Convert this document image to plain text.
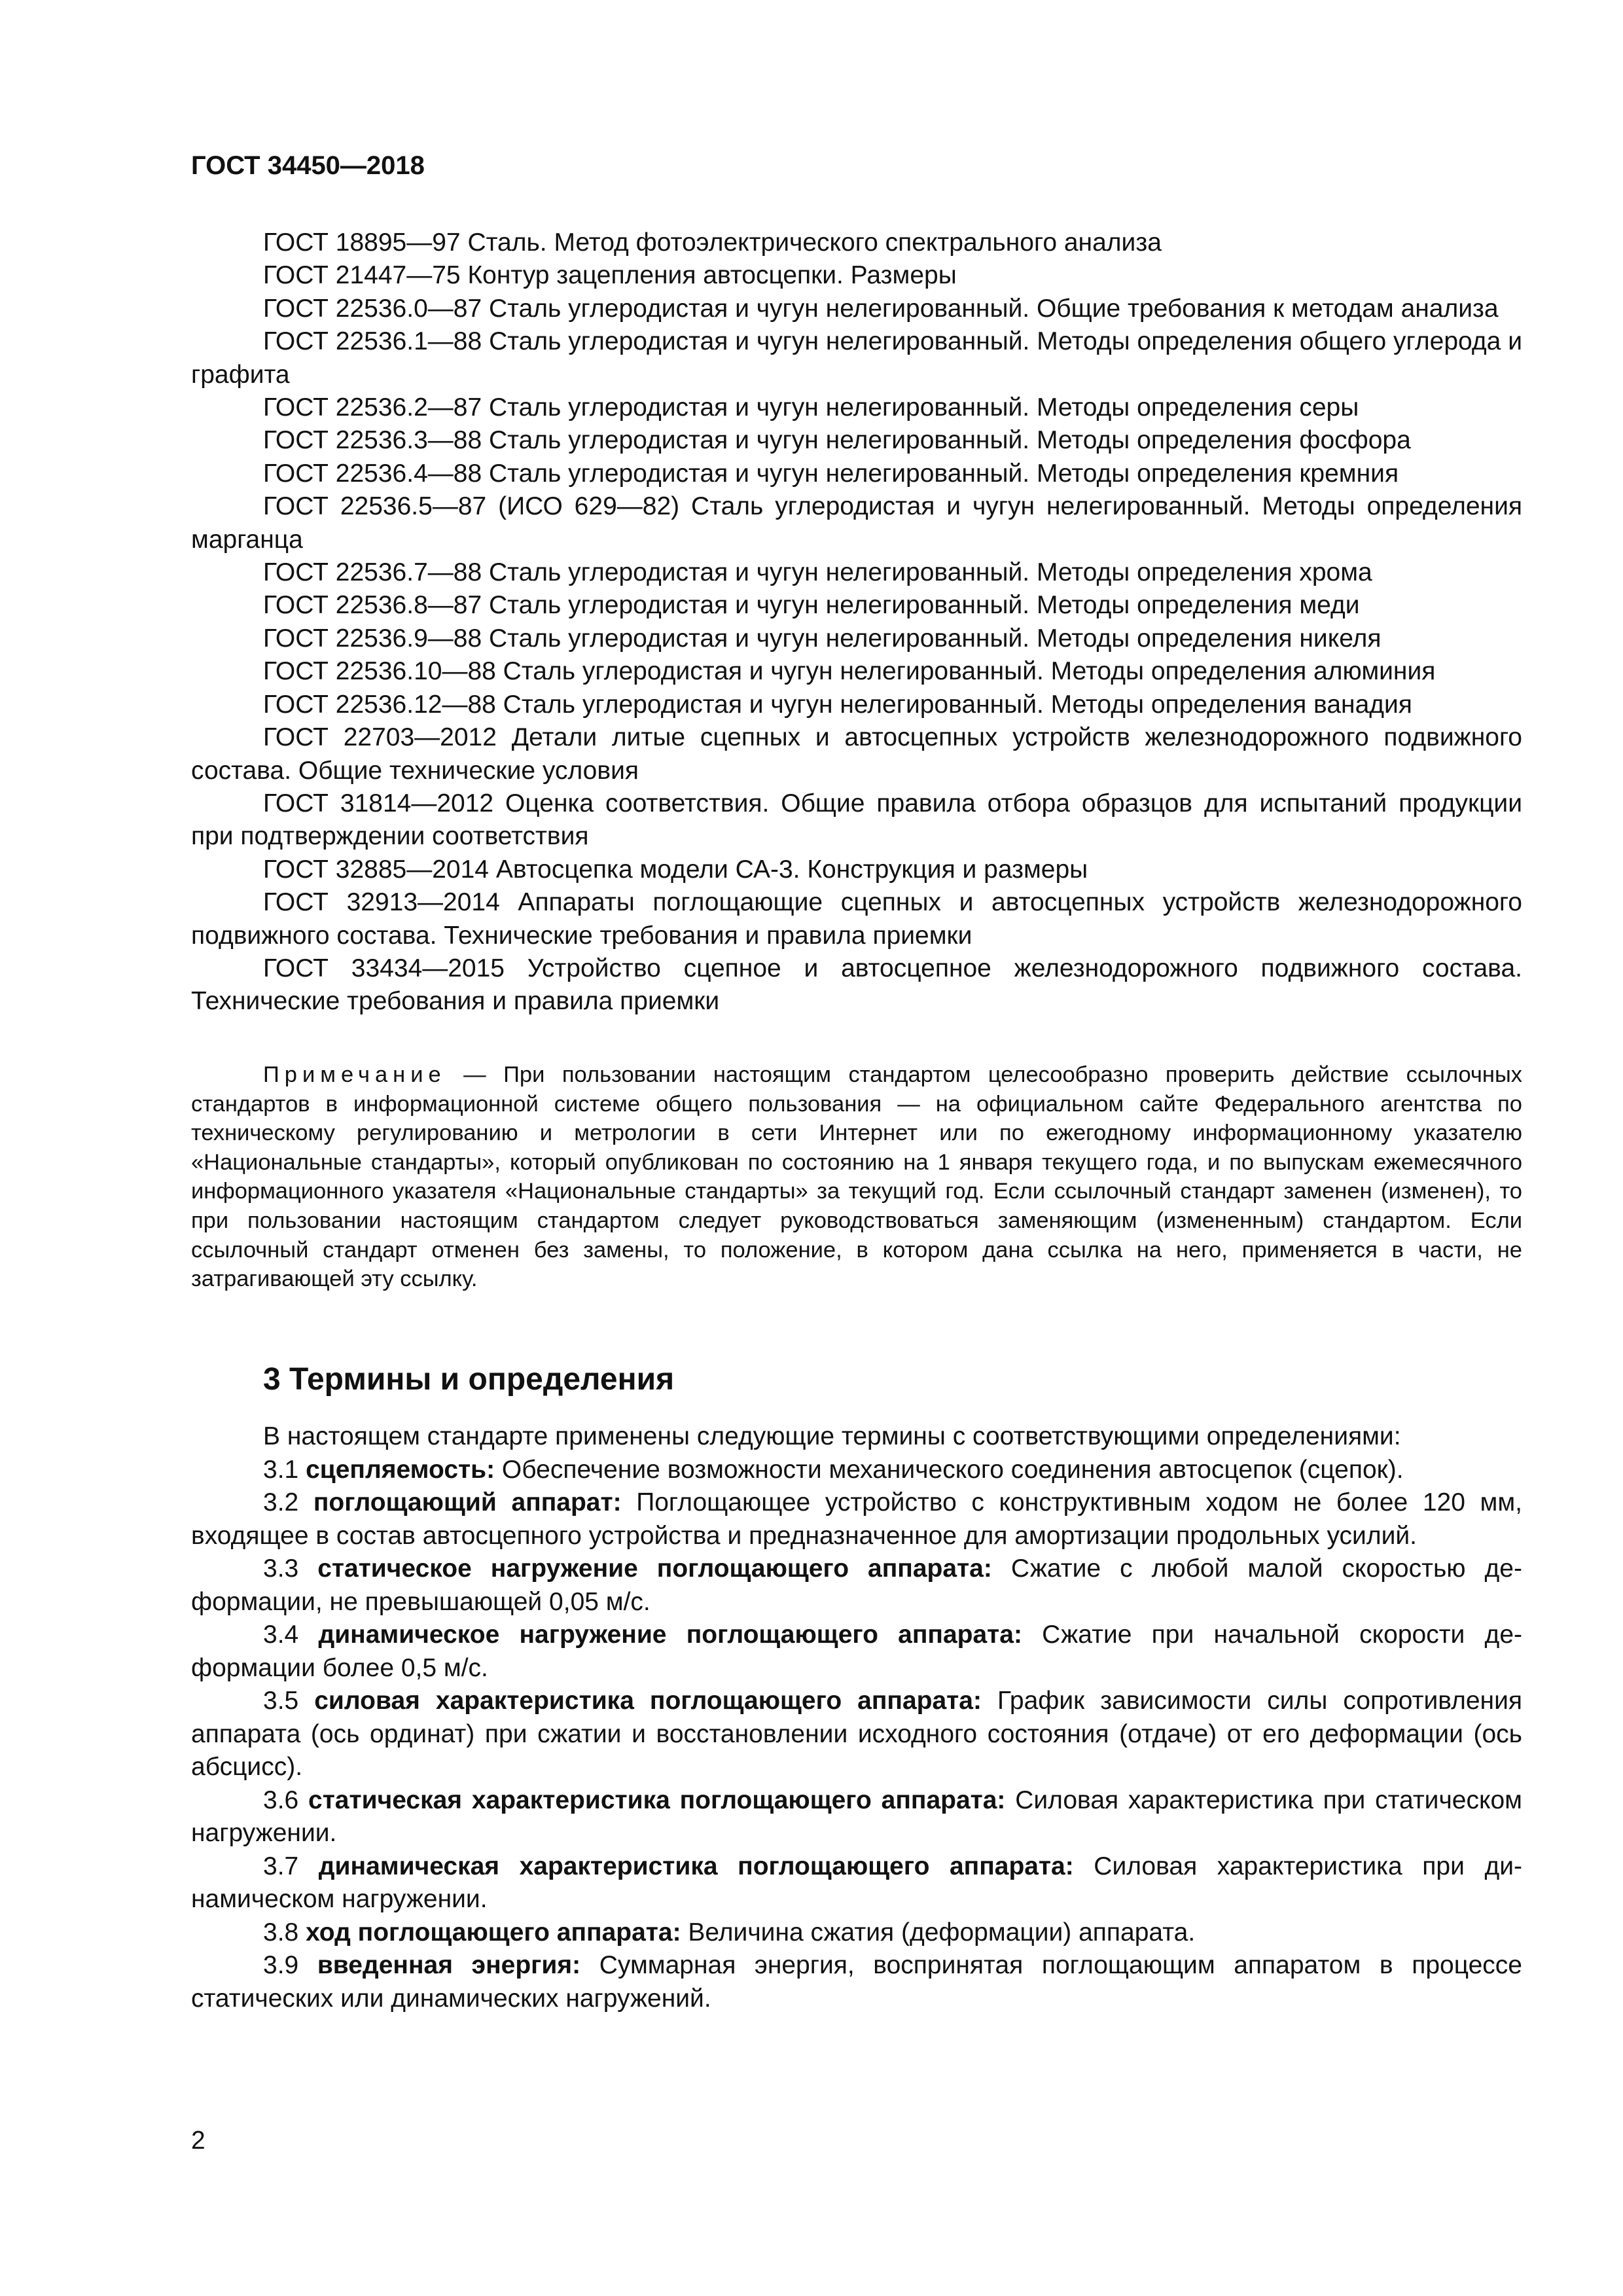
ГОСТ 34450—2018

ГОСТ 18895—97 Сталь. Метод фотоэлектрического спектрального анализа

ГОСТ 21447—75 Контур зацепления автосцепки. Размеры

ГОСТ 22536.0—87 Сталь углеродистая и чугун нелегированный. Общие требования к методам анализа

ГОСТ 22536.1—88 Сталь углеродистая и чугун нелегированный. Методы определения общего углерода и графита

ГОСТ 22536.2—87 Сталь углеродистая и чугун нелегированный. Методы определения серы

ГОСТ 22536.3—88 Сталь углеродистая и чугун нелегированный. Методы определения фосфора

ГОСТ 22536.4—88 Сталь углеродистая и чугун нелегированный. Методы определения кремния

ГОСТ 22536.5—87 (ИСО 629—82) Сталь углеродистая и чугун нелегированный. Методы определения марганца

ГОСТ 22536.7—88 Сталь углеродистая и чугун нелегированный. Методы определения хрома

ГОСТ 22536.8—87 Сталь углеродистая и чугун нелегированный. Методы определения меди

ГОСТ 22536.9—88 Сталь углеродистая и чугун нелегированный. Методы определения никеля

ГОСТ 22536.10—88 Сталь углеродистая и чугун нелегированный. Методы определения алюминия

ГОСТ 22536.12—88 Сталь углеродистая и чугун нелегированный. Методы определения ванадия

ГОСТ 22703—2012 Детали литые сцепных и автосцепных устройств железнодорожного подвижного состава. Общие технические условия

ГОСТ 31814—2012 Оценка соответствия. Общие правила отбора образцов для испытаний продукции при подтверждении соответствия

ГОСТ 32885—2014 Автосцепка модели СА-3. Конструкция и размеры

ГОСТ 32913—2014 Аппараты поглощающие сцепных и автосцепных устройств железнодорожного подвижного состава. Технические требования и правила приемки

ГОСТ 33434—2015 Устройство сцепное и автосцепное железнодорожного подвижного состава. Технические требования и правила приемки

Примечание — При пользовании настоящим стандартом целесообразно проверить действие ссылочных стандартов в информационной системе общего пользования — на официальном сайте Федерального агентства по техническому регулированию и метрологии в сети Интернет или по ежегодному информационному указателю «Национальные стандарты», который опубликован по состоянию на 1 января текущего года, и по выпускам ежемесячного информационного указателя «Национальные стандарты» за текущий год. Если ссылочный стандарт заменен (изменен), то при пользовании настоящим стандартом следует руководствоваться заменяющим (измененным) стандартом. Если ссылочный стандарт отменен без замены, то положение, в котором дана ссылка на него, применяется в части, не затрагивающей эту ссылку.
3 Термины и определения

В настоящем стандарте применены следующие термины с соответствующими определениями:

3.1 сцепляемость: Обеспечение возможности механического соединения автосцепок (сцепок).

3.2 поглощающий аппарат: Поглощающее устройство с конструктивным ходом не более 120 мм, входящее в состав автосцепного устройства и предназначенное для амортизации продольных усилий.

3.3 статическое нагружение поглощающего аппарата: Сжатие с любой малой скоростью деформации, не превышающей 0,05 м/с.

3.4 динамическое нагружение поглощающего аппарата: Сжатие при начальной скорости деформации более 0,5 м/с.

3.5 силовая характеристика поглощающего аппарата: График зависимости силы сопротивления аппарата (ось ординат) при сжатии и восстановлении исходного состояния (отдаче) от его деформации (ось абсцисс).

3.6 статическая характеристика поглощающего аппарата: Силовая характеристика при статическом нагружении.

3.7 динамическая характеристика поглощающего аппарата: Силовая характеристика при динамическом нагружении.

3.8 ход поглощающего аппарата: Величина сжатия (деформации) аппарата.

3.9 введенная энергия: Суммарная энергия, воспринятая поглощающим аппаратом в процессе статических или динамических нагружений.

2
